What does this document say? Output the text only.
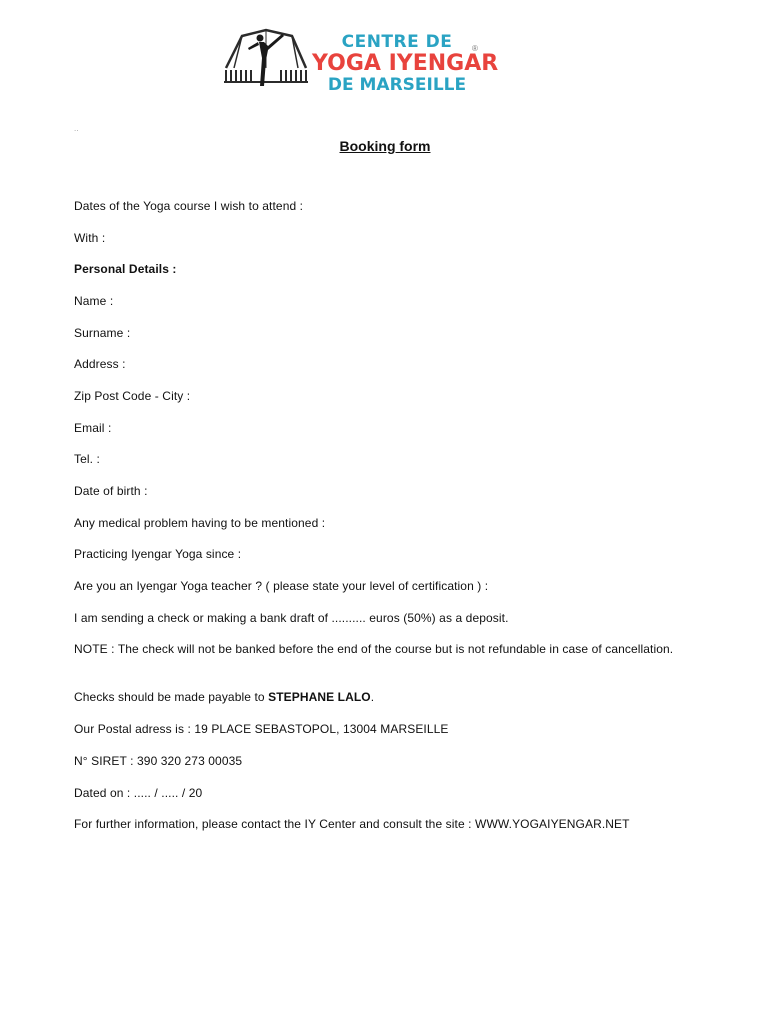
CENTRE DE
YOGA IYENGAR
DE MARSEILLE
®
..
Booking form
Dates of the Yoga course I wish to attend :
With :
Personal Details :
Name :
Surname :
Address :
Zip Post Code - City :
Email :
Tel. :
Date of birth :
Any medical problem having to be mentioned :
Practicing Iyengar Yoga since :
Are you an Iyengar Yoga teacher ? ( please state your level of certification ) :
I am sending a check or making a bank draft of .......... euros (50%) as a deposit.
NOTE : The check will not be banked before the end of the course but is not refundable in case of cancellation.
Checks should be made payable to STEPHANE LALO.
Our Postal adress is : 19 PLACE SEBASTOPOL, 13004 MARSEILLE
N° SIRET : 390 320 273 00035
Dated on : ..... / ..... / 20
For further information, please contact the IY Center and consult the site : WWW.YOGAIYENGAR.NET
